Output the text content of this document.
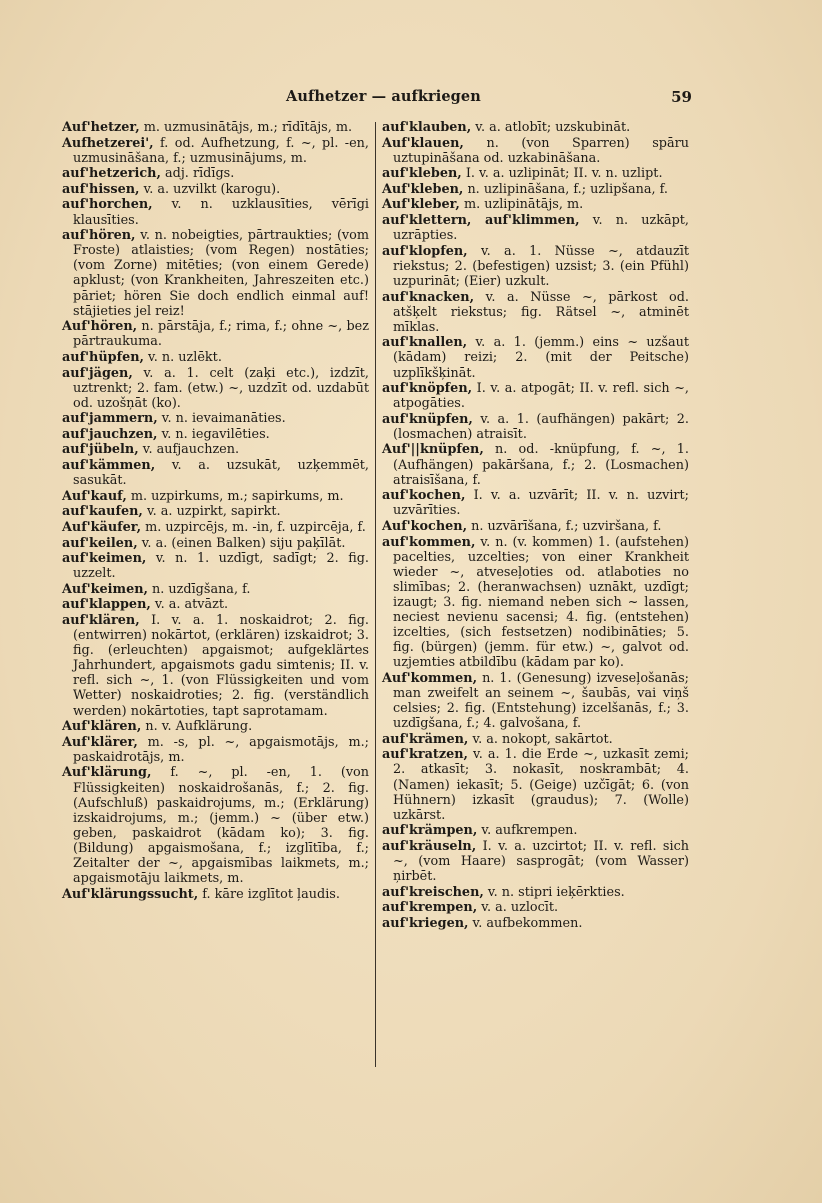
Aufhetzer — aufkriegen	59

Auf'hetzer, m. uzmusinātājs, m.; rīdītājs, m.

Aufhetzerei', f. od. Aufhetzung, f. ~, pl. -en, uzmusināšana, f.; uzmusinājums, m.

auf'hetzerich, adj. rīdīgs.

auf'hissen, v. a. uzvilkt (karogu).

auf'horchen, v. n. uzklausīties, vērīgi klausīties.

auf'hören, v. n. nobeigties, pārtraukties; (vom Froste) atlaisties; (vom Regen) nostāties; (vom Zorne) mitēties; (von einem Gerede) apklust; (von Krankheiten, Jahreszeiten etc.) pāriet; hören Sie doch endlich einmal auf! stājieties jel reiz!

Auf'hören, n. pārstāja, f.; rima, f.; ohne ~, bez pārtraukuma.

auf'hüpfen, v. n. uzlēkt.

auf'jägen, v. a. 1. celt (zaķi etc.), izdzīt, uztrenkt; 2. fam. (etw.) ~, uzdzīt od. uzdabūt od. uzošņāt (ko).

auf'jammern, v. n. ievaimanāties.

auf'jauchzen, v. n. iegavilēties.

auf'jübeln, v. aufjauchzen.

auf'kämmen, v. a. uzsukāt, uzķemmēt, sasukāt.

Auf'kauf, m. uzpirkums, m.; sapirkums, m.

auf'kaufen, v. a. uzpirkt, sapirkt.

Auf'käufer, m. uzpircējs, m. -in, f. uzpircēja, f.

auf'keilen, v. a. (einen Balken) siju paķīlāt.

auf'keimen, v. n. 1. uzdīgt, sadīgt; 2. fig. uzzelt.

Auf'keimen, n. uzdīgšana, f.

auf'klappen, v. a. atvāzt.

auf'klären, I. v. a. 1. noskaidrot; 2. fig. (entwirren) nokārtot, (erklären) izskaidrot; 3. fig. (erleuchten) apgaismot; aufgeklärtes Jahrhundert, apgaismots gadu simtenis; II. v. refl. sich ~, 1. (von Flüssigkeiten und vom Wetter) noskaidroties; 2. fig. (verständlich werden) nokārtoties, tapt saprotamam.

Auf'klären, n. v. Aufklärung.

Auf'klärer, m. -s, pl. ~, apgaismotājs, m.; paskaidrotājs, m.

Auf'klärung, f. ~, pl. -en, 1. (von Flüssigkeiten) noskaidrošanās, f.; 2. fig. (Aufschluß) paskaidrojums, m.; (Erklärung) izskaidrojums, m.; (jemm.) ~ (über etw.) geben, paskaidrot (kādam ko); 3. fig. (Bildung) apgaismošana, f.; izglītība, f.; Zeitalter der ~, apgaismības laikmets, m.; apgaismotāju laikmets, m.

Auf'klärungssucht, f. kāre izglītot ļaudis.

auf'klauben, v. a. atlobīt; uzskubināt.

Auf'klauen, n. (von Sparren) spāru uztupināšana od. uzkabināšana.

auf'kleben, I. v. a. uzlipināt; II. v. n. uzlipt.

Auf'kleben, n. uzlipināšana, f.; uzlipšana, f.

Auf'kleber, m. uzlipinātājs, m.

auf'klettern, auf'klimmen, v. n. uzkāpt, uzrāpties.

auf'klopfen, v. a. 1. Nüsse ~, atdauzīt riekstus; 2. (befestigen) uzsist; 3. (ein Pfühl) uzpurināt; (Eier) uzkult.

auf'knacken, v. a. Nüsse ~, pārkost od. atšķelt riekstus; fig. Rätsel ~, atminēt mīklas.

auf'knallen, v. a. 1. (jemm.) eins ~ uzšaut (kādam) reizi; 2. (mit der Peitsche) uzplīkšķināt.

auf'knöpfen, I. v. a. atpogāt; II. v. refl. sich ~, atpogāties.

auf'knüpfen, v. a. 1. (aufhängen) pakārt; 2. (losmachen) atraisīt.

Auf'||knüpfen, n. od. -knüpfung, f. ~, 1. (Aufhängen) pakāršana, f.; 2. (Losmachen) atraisīšana, f.

auf'kochen, I. v. a. uzvārīt; II. v. n. uzvirt; uzvārīties.

Auf'kochen, n. uzvārīšana, f.; uzviršana, f.

auf'kommen, v. n. (v. kommen) 1. (aufstehen) pacelties, uzcelties; von einer Krankheit wieder ~, atveseļoties od. atlaboties no slimības; 2. (heranwachsen) uznākt, uzdīgt; izaugt; 3. fig. niemand neben sich ~ lassen, neciest nevienu sacensi; 4. fig. (entstehen) izcelties, (sich festsetzen) nodibināties; 5. fig. (bürgen) (jemm. für etw.) ~, galvot od. uzjemties atbildību (kādam par ko).

Auf'kommen, n. 1. (Genesung) izveseļošanās; man zweifelt an seinem ~, šaubās, vai viņš celsies; 2. fig. (Entstehung) izcelšanās, f.; 3. uzdīgšana, f.; 4. galvošana, f.

auf'krämen, v. a. nokopt, sakārtot.

auf'kratzen, v. a. 1. die Erde ~, uzkasīt zemi; 2. atkasīt; 3. nokasīt, noskrambāt; 4. (Namen) iekasīt; 5. (Geige) uzčīgāt; 6. (von Hühnern) izkasīt (graudus); 7. (Wolle) uzkārst.

auf'krämpen, v. aufkrempen.

auf'kräuseln, I. v. a. uzcirtot; II. v. refl. sich ~, (vom Haare) sasprogāt; (vom Wasser) ņirbēt.

auf'kreischen, v. n. stipri ieķērkties.

auf'krempen, v. a. uzlocīt.

auf'kriegen, v. aufbekommen.
